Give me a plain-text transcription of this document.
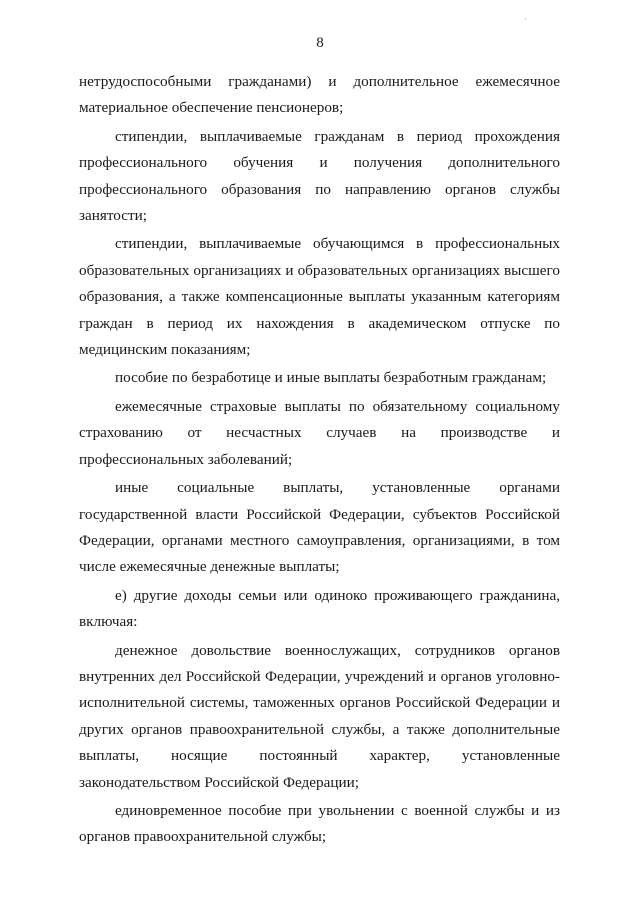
·
8

нетрудоспособными гражданами) и дополнительное ежемесячное материальное обеспечение пенсионеров;

стипендии, выплачиваемые гражданам в период прохождения профессионального обучения и получения дополнительного профессионального образования по направлению органов службы занятости;

стипендии, выплачиваемые обучающимся в профессиональных образовательных организациях и образовательных организациях высшего образования, а также компенсационные выплаты указанным категориям граждан в период их нахождения в академическом отпуске по медицинским показаниям;

пособие по безработице и иные выплаты безработным гражданам;

ежемесячные страховые выплаты по обязательному социальному страхованию от несчастных случаев на производстве и профессиональных заболеваний;

иные социальные выплаты, установленные органами государственной власти Российской Федерации, субъектов Российской Федерации, органами местного самоуправления, организациями, в том числе ежемесячные денежные выплаты;

е) другие доходы семьи или одиноко проживающего гражданина, включая:

денежное довольствие военнослужащих, сотрудников органов внутренних дел Российской Федерации, учреждений и органов уголовно-исполнительной системы, таможенных органов Российской Федерации и других органов правоохранительной службы, а также дополнительные выплаты, носящие постоянный характер, установленные законодательством Российской Федерации;

единовременное пособие при увольнении с военной службы и из органов правоохранительной службы;
